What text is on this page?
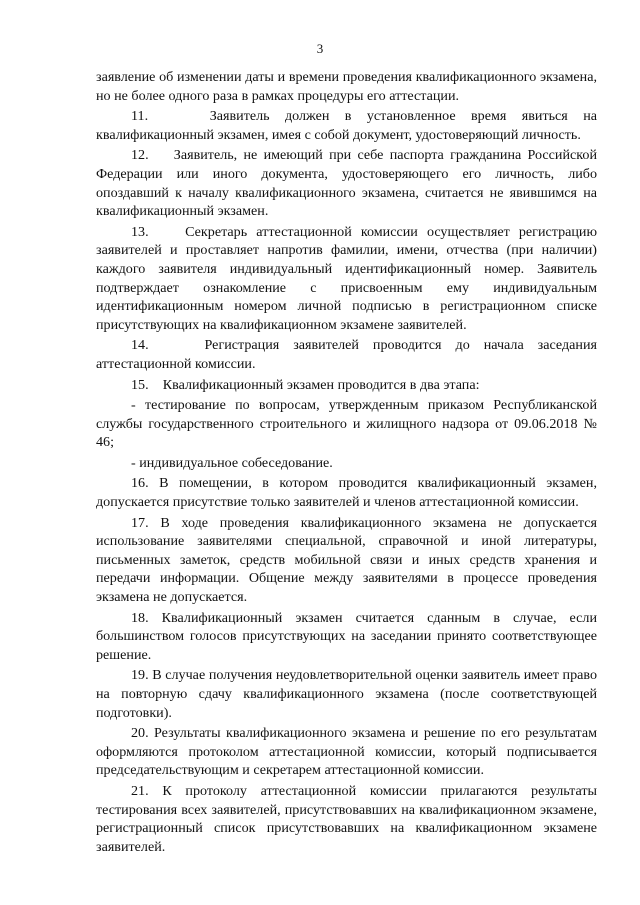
3

заявление об изменении даты и времени проведения квалификационного экзамена, но не более одного раза в рамках процедуры его аттестации.

11.    Заявитель должен в установленное время явиться на квалификационный экзамен, имея с собой документ, удостоверяющий личность.

12.    Заявитель, не имеющий при себе паспорта гражданина Российской Федерации или иного документа, удостоверяющего его личность, либо опоздавший к началу квалификационного экзамена, считается не явившимся на квалификационный экзамен.

13.    Секретарь аттестационной комиссии осуществляет регистрацию заявителей и проставляет напротив фамилии, имени, отчества (при наличии) каждого заявителя индивидуальный идентификационный номер. Заявитель подтверждает ознакомление с присвоенным ему индивидуальным идентификационным номером личной подписью в регистрационном списке присутствующих на квалификационном экзамене заявителей.

14.    Регистрация заявителей проводится до начала заседания аттестационной комиссии.

15.    Квалификационный экзамен проводится в два этапа:

- тестирование по вопросам, утвержденным приказом Республиканской службы государственного строительного и жилищного надзора от 09.06.2018 № 46;

- индивидуальное собеседование.

16. В помещении, в котором проводится квалификационный экзамен, допускается присутствие только заявителей и членов аттестационной комиссии.

17. В ходе проведения квалификационного экзамена не допускается использование заявителями специальной, справочной и иной литературы, письменных заметок, средств мобильной связи и иных средств хранения и передачи информации. Общение между заявителями в процессе проведения экзамена не допускается.

18. Квалификационный экзамен считается сданным в случае, если большинством голосов присутствующих на заседании принято соответствующее решение.

19. В случае получения неудовлетворительной оценки заявитель имеет право на повторную сдачу квалификационного экзамена (после соответствующей подготовки).

20. Результаты квалификационного экзамена и решение по его результатам оформляются протоколом аттестационной комиссии, который подписывается председательствующим и секретарем аттестационной комиссии.

21. К протоколу аттестационной комиссии прилагаются результаты тестирования всех заявителей, присутствовавших на квалификационном экзамене, регистрационный список присутствовавших на квалификационном экзамене заявителей.
